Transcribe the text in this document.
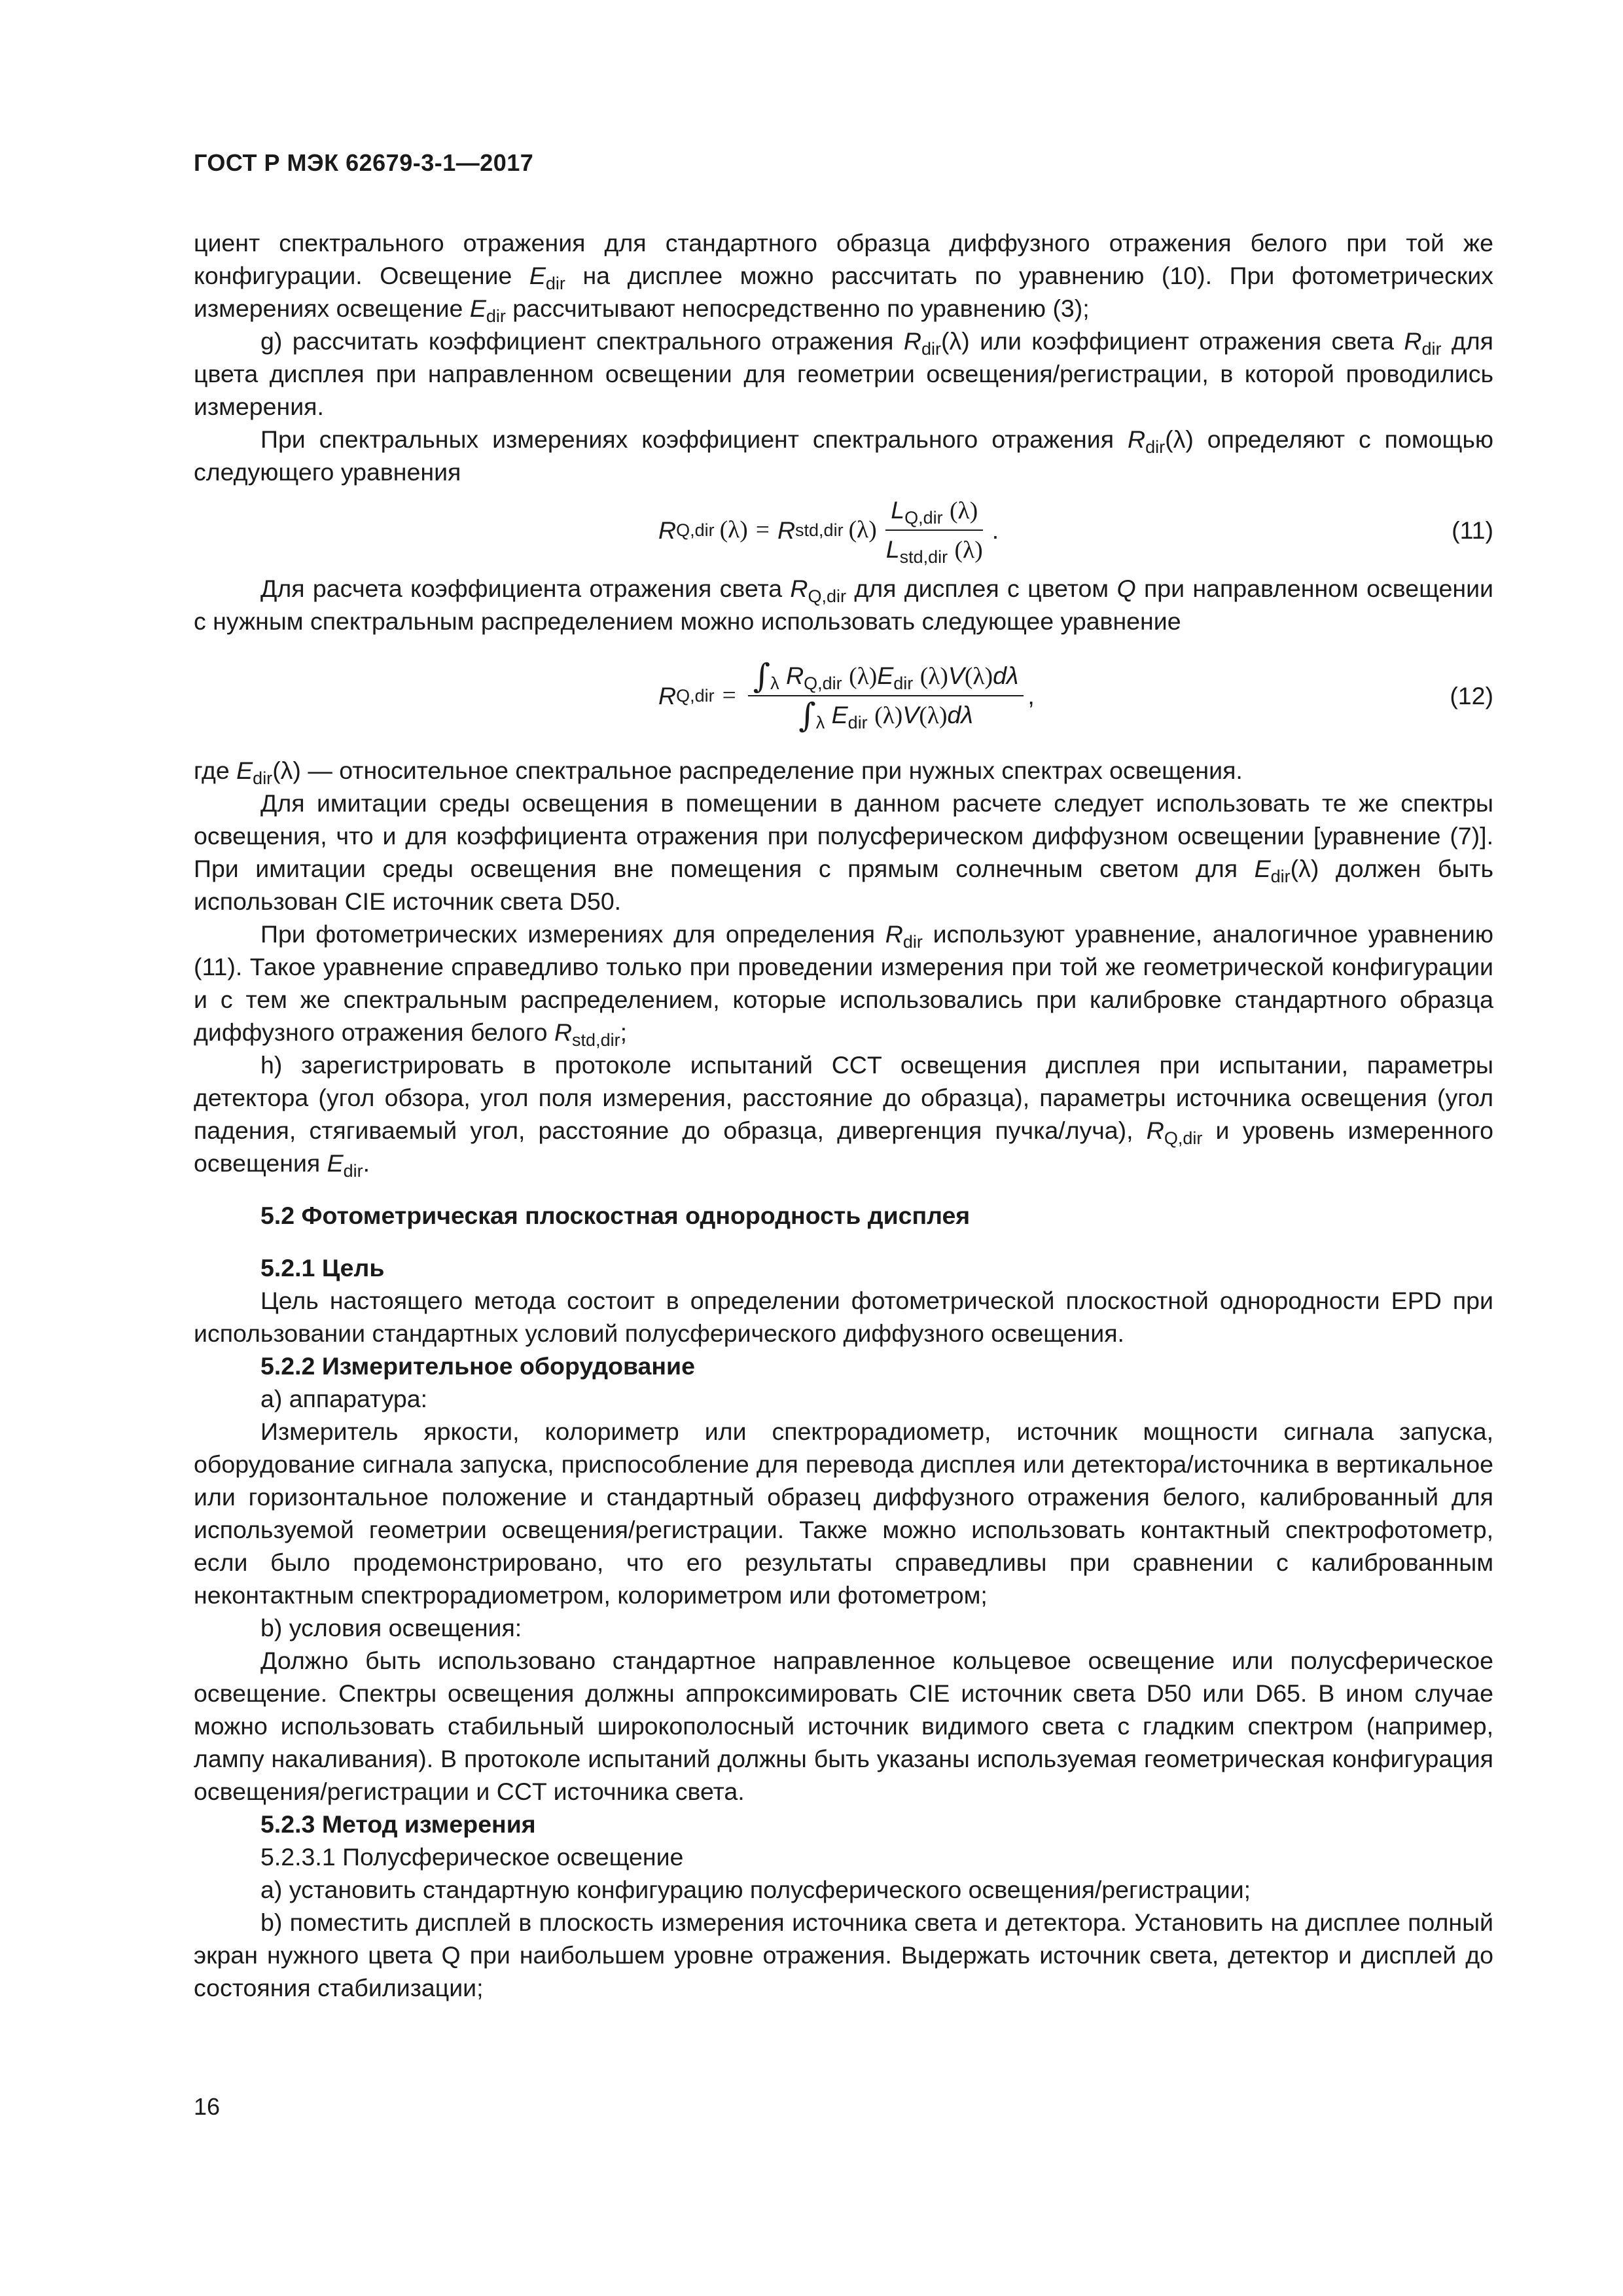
ГОСТ Р МЭК 62679-3-1—2017

циент спектрального отражения для стандартного образца диффузного отражения белого при той же конфигурации. Освещение $E_{dir}$ на дисплее можно рассчитать по уравнению (10). При фотометрических измерениях освещение $E_{dir}$ рассчитывают непосредственно по уравнению (3);

g) рассчитать коэффициент спектрального отражения $R_{dir}(\lambda)$ или коэффициент отражения света $R_{dir}$ для цвета дисплея при направленном освещении для геометрии освещения/регистрации, в которой проводились измерения.

При спектральных измерениях коэффициент спектрального отражения $R_{dir}(\lambda)$ определяют с помощью следующего уравнения

R Q,dir (λ) = R std,dir $(\lambda) \frac{L_{Q,dir} (\lambda)}{L_{std,dir} (\lambda)}$ .	(11)

Для расчета коэффициента отражения света $R_{Q,dir}$ для дисплея с цветом Q при направленном освещении с нужным спектральным распределением можно использовать следующее уравнение

R Q,dir =
$\int_\lambda$ $R_{Q,dir}$ $(\lambda)E_{dir}$ (λ)V(λ)dλ
$\int_\lambda$ $E_{dir}$ (λ)V(λ)dλ
,	(12)

где $E_{dir}(\lambda)$ — относительное спектральное распределение при нужных спектрах освещения.

Для имитации среды освещения в помещении в данном расчете следует использовать те же спектры освещения, что и для коэффициента отражения при полусферическом диффузном освещении [уравнение (7)]. При имитации среды освещения вне помещения с прямым солнечным светом для $E_{dir}(\lambda)$ должен быть использован CIE источник света D50.

При фотометрических измерениях для определения $R_{dir}$ используют уравнение, аналогичное уравнению (11). Такое уравнение справедливо только при проведении измерения при той же геометрической конфигурации и с тем же спектральным распределением, которые использовались при калибровке стандартного образца диффузного отражения белого $R_{std,dir}$;

h) зарегистрировать в протоколе испытаний CCT освещения дисплея при испытании, параметры детектора (угол обзора, угол поля измерения, расстояние до образца), параметры источника освещения (угол падения, стягиваемый угол, расстояние до образца, дивергенция пучка/луча), $R_{Q,dir}$ и уровень измеренного освещения $E_{dir}$.

5.2 Фотометрическая плоскостная однородность дисплея

5.2.1 Цель

Цель настоящего метода состоит в определении фотометрической плоскостной однородности EPD при использовании стандартных условий полусферического диффузного освещения.

5.2.2 Измерительное оборудование

а) аппаратура:

Измеритель яркости, колориметр или спектрорадиометр, источник мощности сигнала запуска, оборудование сигнала запуска, приспособление для перевода дисплея или детектора/источника в вертикальное или горизонтальное положение и стандартный образец диффузного отражения белого, калиброванный для используемой геометрии освещения/регистрации. Также можно использовать контактный спектрофотометр, если было продемонстрировано, что его результаты справедливы при сравнении с калиброванным неконтактным спектрорадиометром, колориметром или фотометром;

b) условия освещения:

Должно быть использовано стандартное направленное кольцевое освещение или полусферическое освещение. Спектры освещения должны аппроксимировать CIE источник света D50 или D65. В ином случае можно использовать стабильный широкополосный источник видимого света с гладким спектром (например, лампу накаливания). В протоколе испытаний должны быть указаны используемая геометрическая конфигурация освещения/регистрации и CCT источника света.

5.2.3 Метод измерения

5.2.3.1 Полусферическое освещение

а) установить стандартную конфигурацию полусферического освещения/регистрации;

b) поместить дисплей в плоскость измерения источника света и детектора. Установить на дисплее полный экран нужного цвета Q при наибольшем уровне отражения. Выдержать источник света, детектор и дисплей до состояния стабилизации;

16
